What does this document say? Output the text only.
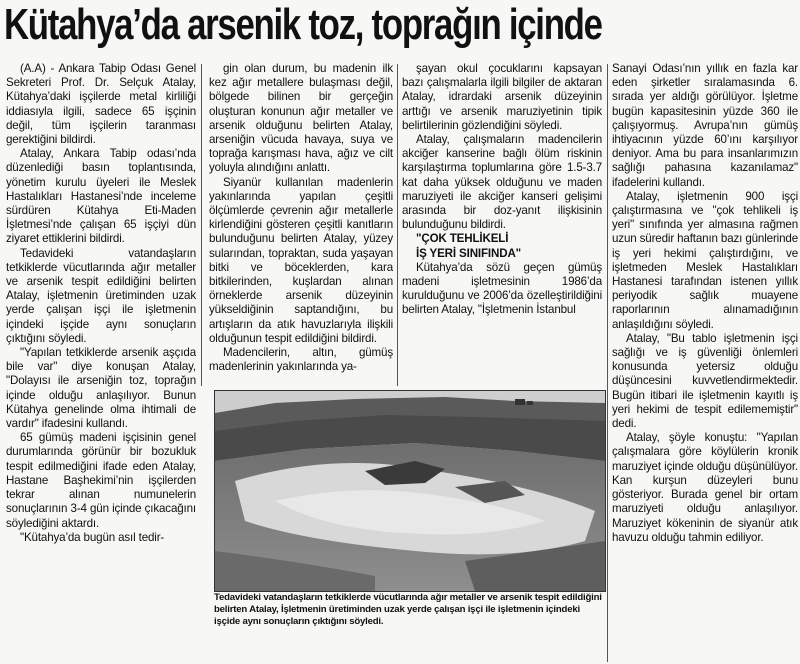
Kütahya’da arsenik toz, toprağın içinde

(A.A) - Ankara Tabip Odası Genel Sekreteri Prof. Dr. Selçuk Atalay, Kütahya’daki işçilerde metal kirliliği iddiasıyla ilgili, sadece 65 işçinin değil, tüm işçilerin taranması gerektiğini bildirdi.

Atalay, Ankara Tabip odası’nda düzenlediği basın toplantısında, yönetim kurulu üyeleri ile Meslek Hastalıkları Hastanesi’nde inceleme sürdüren Kütahya Eti-Maden İşletmesi’nde çalışan 65 işçiyi dün ziyaret ettiklerini bildirdi.

Tedavideki vatandaşların tetkiklerde vücutlarında ağır metaller ve arsenik tespit edildiğini belirten Atalay, işletmenin üretiminden uzak yerde çalışan işçi ile işletmenin içindeki işçide aynı sonuçların çıktığını söyledi.

"Yapılan tetkiklerde arsenik aşçıda bile var" diye konuşan Atalay, "Dolayısı ile arseniğin toz, toprağın içinde olduğu anlaşılıyor. Bunun Kütahya genelinde olma ihtimali de vardır" ifadesini kullandı.

65 gümüş madeni işçisinin genel durumlarında görünür bir bozukluk tespit edilmediğini ifade eden Atalay, Hastane Başhekimi’nin işçilerden tekrar alınan numunelerin sonuçlarının 3-4 gün içinde çıkacağını söylediğini aktardı.

"Kütahya’da bugün asıl tedir-

gin olan durum, bu madenin ilk kez ağır metallere bulaşması değil, bölgede bilinen bir gerçeğin oluşturan konunun ağır metaller ve arsenik olduğunu belirten Atalay, arseniğin vücuda havaya, suya ve toprağa karışması hava, ağız ve cilt yoluyla alındığını anlattı.

Siyanür kullanılan madenlerin yakınlarında yapılan çeşitli ölçümlerde çevrenin ağır metallerle kirlendiğini gösteren çeşitli kanıtların bulunduğunu belirten Atalay, yüzey sularından, topraktan, suda yaşayan bitki ve böceklerden, kara bitkilerinden, kuşlardan alınan örneklerde arsenik düzeyinin yükseldiğinin saptandığını, bu artışların da atık havuzlarıyla ilişkili olduğunun tespit edildiğini bildirdi.

Madencilerin, altın, gümüş madenlerinin yakınlarında ya-

şayan okul çocuklarını kapsayan bazı çalışmalarla ilgili bilgiler de aktaran Atalay, idrardaki arsenik düzeyinin arttığı ve arsenik maruziyetinin tipik belirtilerinin gözlendiğini söyledi.

Atalay, çalışmaların madencilerin akciğer kanserine bağlı ölüm riskinin karşılaştırma toplumlarına göre 1.5-3.7 kat daha yüksek olduğunu ve maden maruziyeti ile akciğer kanseri gelişimi arasında bir doz-yanıt ilişkisinin bulunduğunu bildirdi.

"ÇOK TEHLİKELİ

İŞ YERİ SINIFINDA"

Kütahya’da sözü geçen gümüş madeni işletmesinin 1986’da kurulduğunu ve 2006’da özelleştirildiğini belirten Atalay, "İşletmenin İstanbul

Sanayi Odası’nın yıllık en fazla kar eden şirketler sıralamasında 6. sırada yer aldığı görülüyor. İşletme bugün kapasitesinin yüzde 360 ile çalışıyormuş. Avrupa’nın gümüş ihtiyacının yüzde 60’ını karşılıyor deniyor. Ama bu para insanlarımızın sağlığı pahasına kazanılamaz" ifadelerini kullandı.

Atalay, işletmenin 900 işçi çalıştırmasına ve "çok tehlikeli iş yeri" sınıfında yer almasına rağmen uzun süredir haftanın bazı günlerinde iş yeri hekimi çalıştırdığını, ve işletmeden Meslek Hastalıkları Hastanesi tarafından istenen yıllık periyodik sağlık muayene raporlarının alınamadığının anlaşıldığını söyledi.

Atalay, "Bu tablo işletmenin işçi sağlığı ve iş güvenliği önlemleri konusunda yetersiz olduğu düşüncesini kuvvetlendirmektedir. Bugün itibari ile işletmenin kayıtlı iş yeri hekimi de tespit edilememiştir" dedi.

Atalay, şöyle konuştu: "Yapılan çalışmalara göre köylülerin kronik maruziyet içinde olduğu düşünülüyor. Kan kurşun düzeyleri bunu gösteriyor. Burada genel bir ortam maruziyeti olduğu anlaşılıyor. Maruziyet kökeninin de siyanür atık havuzu olduğu tahmin ediliyor.

Tedavideki vatandaşların tetkiklerde vücutlarında ağır metaller ve arsenik tespit edildiğini belirten Atalay, İşletmenin üretiminden uzak yerde çalışan işçi ile işletmenin içindeki işçide aynı sonuçların çıktığını söyledi.
